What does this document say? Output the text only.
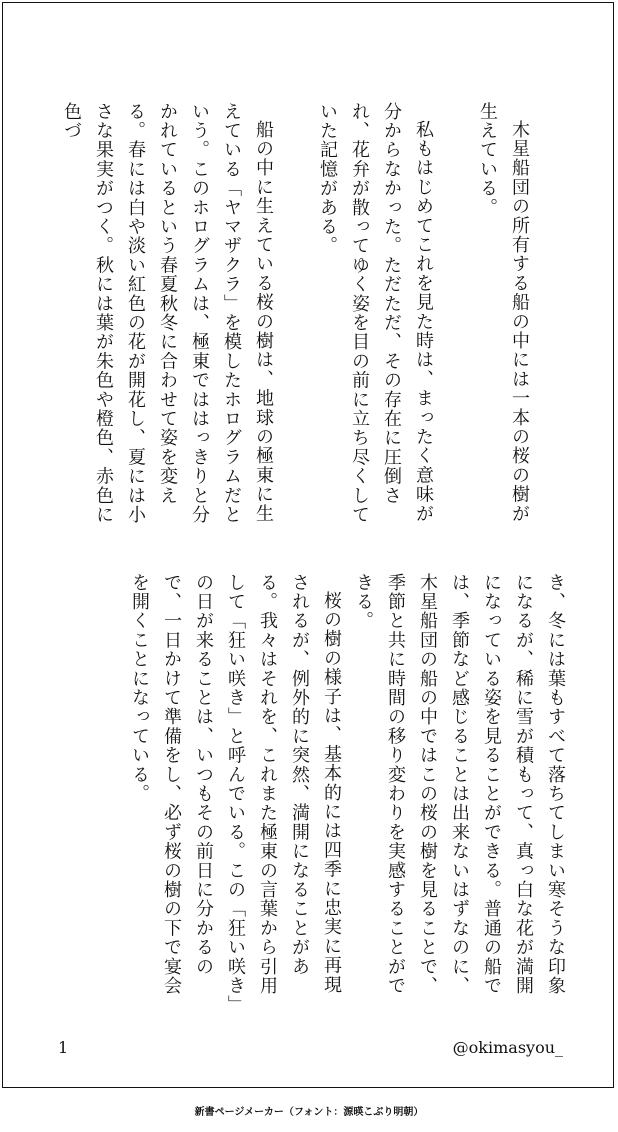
木星船団の所有する船の中には一本の桜の樹が生えている。

私もはじめてこれを見た時は、まったく意味が分からなかった。ただただ、その存在に圧倒され、花弁が散ってゆく姿を目の前に立ち尽くしていた記憶がある。

船の中に生えている桜の樹は、地球の極東に生えている「ヤマザクラ」を模したホログラムだという。このホログラムは、極東でははっきりと分かれているという春夏秋冬に合わせて姿を変える。春には白や淡い紅色の花が開花し、夏には小さな果実がつく。秋には葉が朱色や橙色、赤色に色づ

き、冬には葉もすべて落ちてしまい寒そうな印象になるが、稀に雪が積もって、真っ白な花が満開になっている姿を見ることができる。普通の船では、季節など感じることは出来ないはずなのに、木星船団の船の中ではこの桜の樹を見ることで、季節と共に時間の移り変わりを実感することができる。

桜の樹の様子は、基本的には四季に忠実に再現されるが、例外的に突然、満開になることがある。我々はそれを、これまた極東の言葉から引用して「狂い咲き」と呼んでいる。この「狂い咲き」の日が来ることは、いつもその前日に分かるので、一日かけて準備をし、必ず桜の樹の下で宴会を開くことになっている。

1	@okimasyou_
新書ページメーカー（フォント：源暎こぶり明朝）
